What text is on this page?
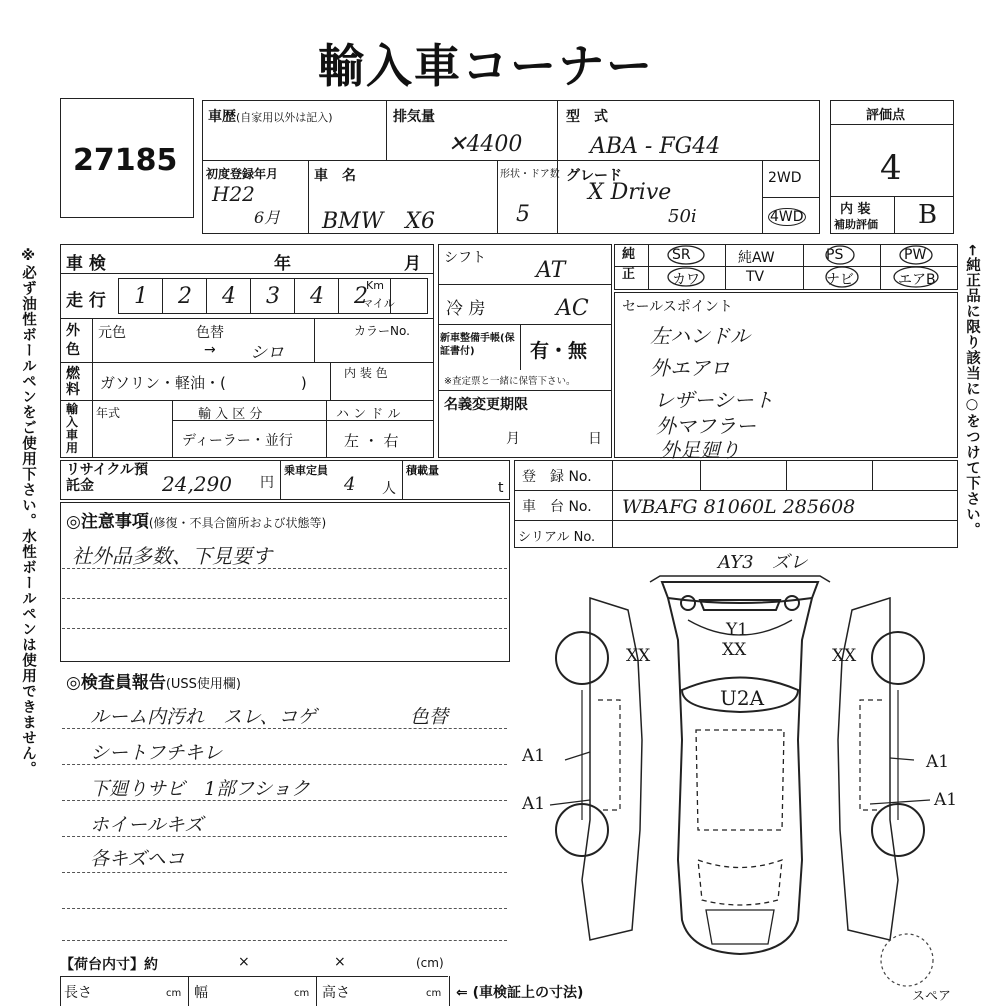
輸入車コーナー
27185
車歴(自家用以外は記入)	排気量
✕4400
型　式
ABA - FG44
初度登録年月
H22
6月
車　名
BMW　X6
形状・ドア数
5
グレード
X Drive
50i
2WD
4WD
評価点
4
内 装
補助評価 B
※必ず油性ボールペンをご使用下さい。水性ボールペンは使用できません。	←純正品に限り該当に○をつけて下さい。
車 検	年	月
走 行 1 2 4 3 4 2
Km
マイル
外色
元色	色替	カラーNo.
→ シロ
燃料 ガソリン・軽油・(　　　　　)
内 装 色
輸入車用
年式	輸 入 区 分
ディーラー・並行
ハ ン ド ル
左 ・ 右
リサイクル預託金	24,290 円
乗車定員
4 人
積載量
t
シフト AT
冷 房	AC
新車整備手帳(保証書付)	有・無
※査定票と一緒に保管下さい。
名義変更期限
月	日
純正
SR	純AW	PS	PW
カワ	TV	ナビ	エアB
セールスポイント
左ハンドル
外エアロ
レザーシート
外マフラー
外足廻り
登　録 No.
車　台 No. WBAFG 81060L 285608
シリアル No.
◎注意事項(修復・不具合箇所および状態等)
社外品多数、下見要す
◎検査員報告(USS使用欄)
ルーム内汚れ　スレ、コゲ	色替
シートフチキレ
下廻りサビ　1部フショク
ホイールキズ
各キズヘコ
AY3　ズレ
Y1
XX
U2A
XX	XX
A1
A1
A1
A1
スペア
【荷台内寸】約	×	×	(cm)
長さ	cm 幅	cm 高さ	cm ⇐ (車検証上の寸法)
